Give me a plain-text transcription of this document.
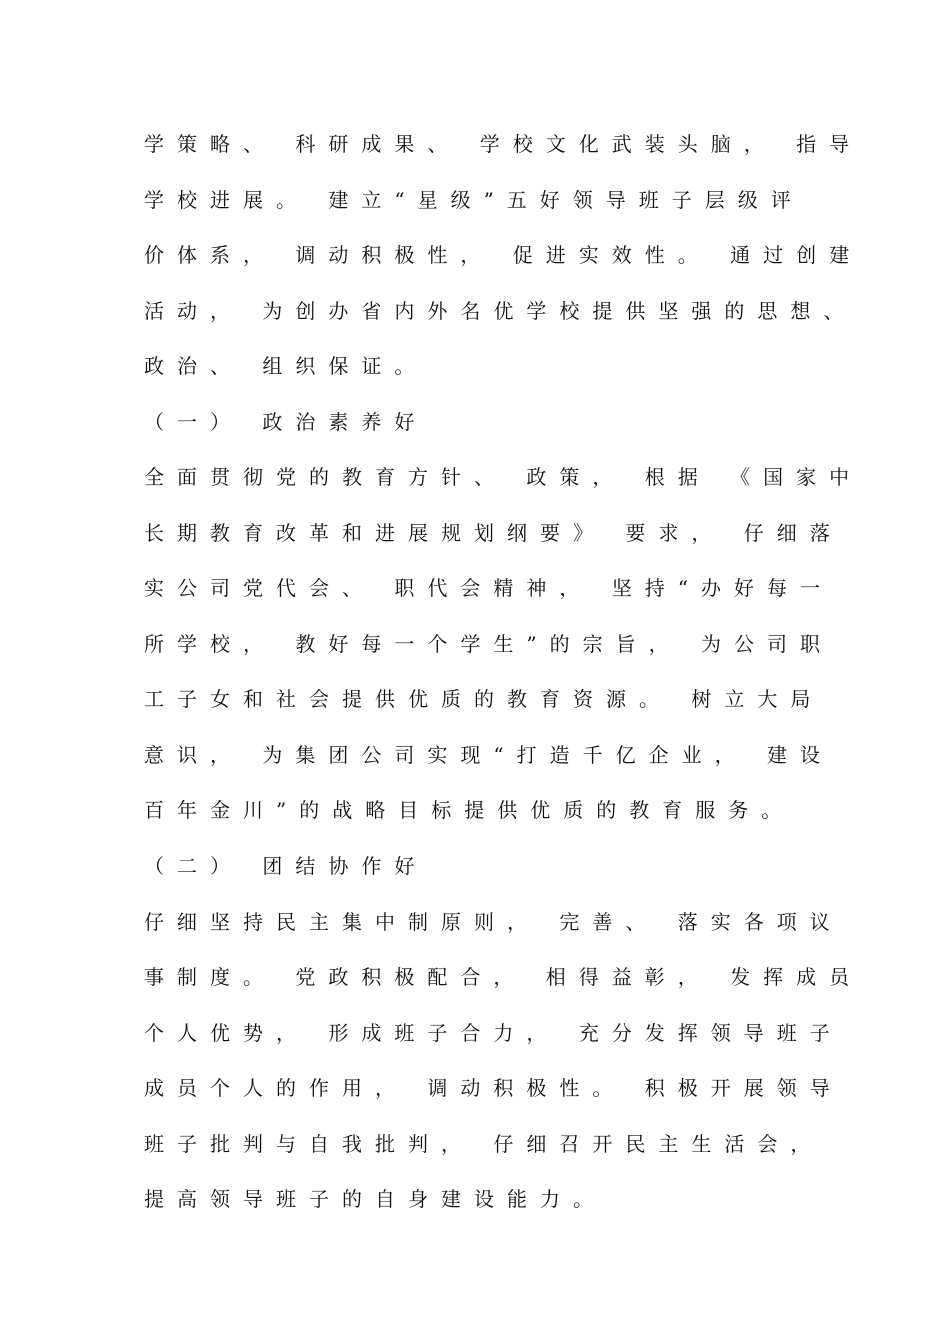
学策略、 科研成果、 学校文化武装头脑， 指导
学校进展。 建立“星级”五好领导班子层级评
价体系， 调动积极性， 促进实效性。 通过创建
活动， 为创办省内外名优学校提供坚强的思想、
政治、 组织保证。
（一） 政治素养好
全面贯彻党的教育方针、 政策， 根据 《国家中
长期教育改革和进展规划纲要》 要求， 仔细落
实公司党代会、 职代会精神， 坚持“办好每一
所学校， 教好每一个学生”的宗旨， 为公司职
工子女和社会提供优质的教育资源。 树立大局
意识， 为集团公司实现“打造千亿企业， 建设
百年金川”的战略目标提供优质的教育服务。
（二） 团结协作好
仔细坚持民主集中制原则， 完善、 落实各项议
事制度。 党政积极配合， 相得益彰， 发挥成员
个人优势， 形成班子合力， 充分发挥领导班子
成员个人的作用， 调动积极性。 积极开展领导
班子批判与自我批判， 仔细召开民主生活会，
提高领导班子的自身建设能力。
